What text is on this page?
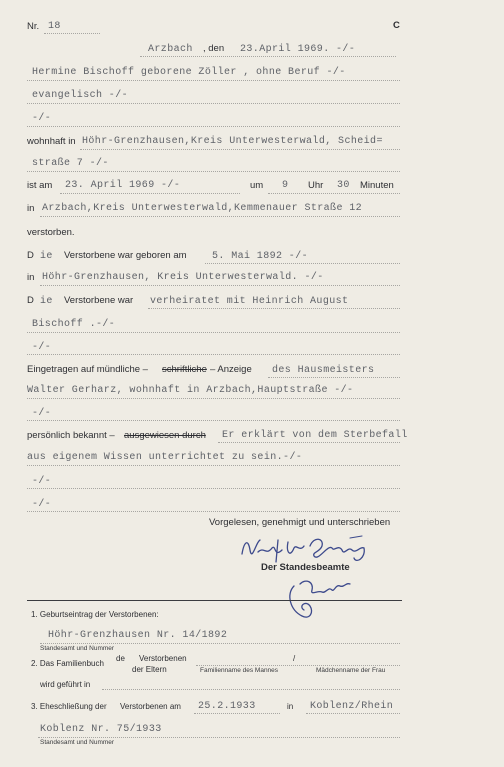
Nr. 18	C
Arzbach , den 23.April 1969. -/-
Hermine Bischoff geborene Zöller , ohne Beruf -/-
evangelisch -/-
-/-
wohnhaft in Höhr-Grenzhausen,Kreis Unterwesterwald, Scheid=
straße 7 -/-
ist am 23. April 1969 -/-	um 9 Uhr 30 Minuten
in Arzbach,Kreis Unterwesterwald,Kemmenauer Straße 12
verstorben.
D ie Verstorbene war geboren am	5. Mai 1892 -/-
in Höhr-Grenzhausen, Kreis Unterwesterwald. -/-
D ie Verstorbene war verheiratet mit Heinrich August
Bischoff .-/-
-/-
Eingetragen auf mündliche – schriftliche – Anzeige des Hausmeisters
Walter Gerharz, wohnhaft in Arzbach,Hauptstraße -/-
-/-
persönlich bekannt – ausgewiesen durch Er erklärt von dem Sterbefall
aus eigenem Wissen unterrichtet zu sein.-/-
-/-
-/-
Vorgelesen, genehmigt und unterschrieben
Der Standesbeamte
1. Geburtseintrag der Verstorbenen:
Höhr-Grenzhausen Nr. 14/1892
Standesamt und Nummer
2. Das Familienbuch
de Verstorbenen
der Eltern
/
Familienname des Mannes	Mädchenname der Frau
wird geführt in
3. Eheschließung der Verstorbenen am 25.2.1933	in Koblenz/Rhein
Koblenz Nr. 75/1933
Standesamt und Nummer
